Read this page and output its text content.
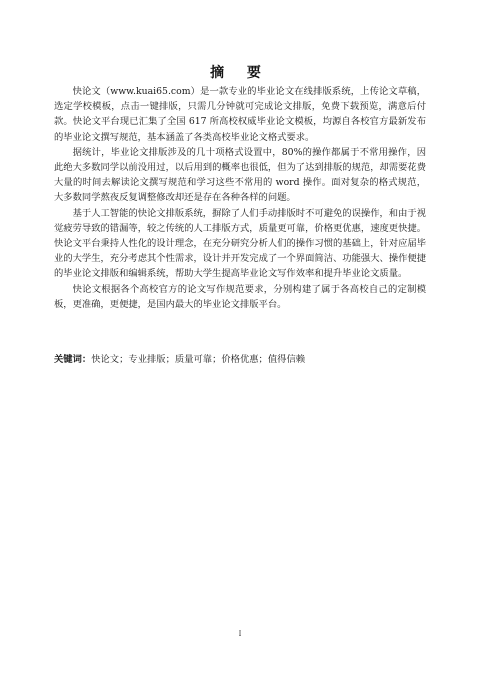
摘 要

快论文（www.kuai65.com）是一款专业的毕业论文在线排版系统，上传论文草稿，选定学校模板，点击一键排版，只需几分钟就可完成论文排版，免费下载预览，满意后付款。快论文平台现已汇集了全国 617 所高校权威毕业论文模板，均源自各校官方最新发布的毕业论文撰写规范，基本涵盖了各类高校毕业论文格式要求。

据统计，毕业论文排版涉及的几十项格式设置中，80%的操作都属于不常用操作，因此绝大多数同学以前没用过，以后用到的概率也很低，但为了达到排版的规范，却需要花费大量的时间去解读论文撰写规范和学习这些不常用的 word 操作。面对复杂的格式规范，大多数同学熬夜反复调整修改却还是存在各种各样的问题。

基于人工智能的快论文排版系统，摒除了人们手动排版时不可避免的误操作，和由于视觉疲劳导致的错漏等，较之传统的人工排版方式，质量更可靠，价格更优惠，速度更快捷。快论文平台秉持人性化的设计理念，在充分研究分析人们的操作习惯的基础上，针对应届毕业的大学生，充分考虑其个性需求，设计并开发完成了一个界面简洁、功能强大、操作便捷的毕业论文排版和编辑系统，帮助大学生提高毕业论文写作效率和提升毕业论文质量。

快论文根据各个高校官方的论文写作规范要求，分别构建了属于各高校自己的定制模板，更准确，更便捷，是国内最大的毕业论文排版平台。

关键词：快论文；专业排版；质量可靠；价格优惠；值得信赖
I
